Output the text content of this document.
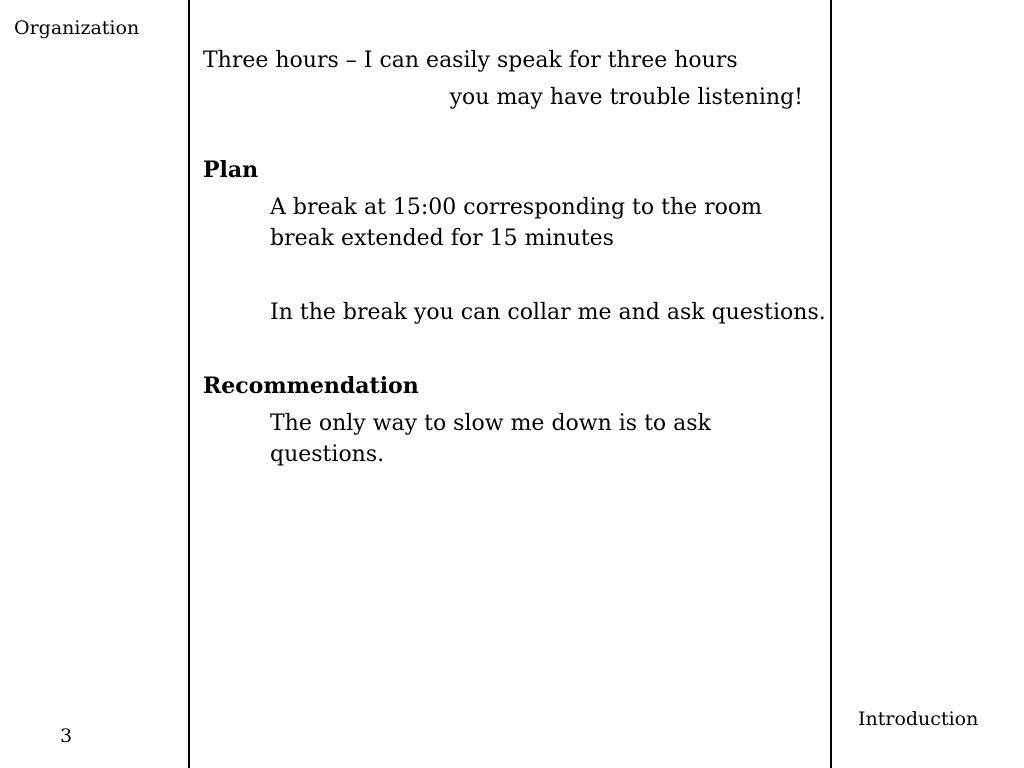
Organization
3
Introduction
Three hours – I can easily speak for three hours
you may have trouble listening!
Plan
A break at 15:00 corresponding to the room break extended for 15 minutes
In the break you can collar me and ask questions.
Recommendation
The only way to slow me down is to ask questions.
